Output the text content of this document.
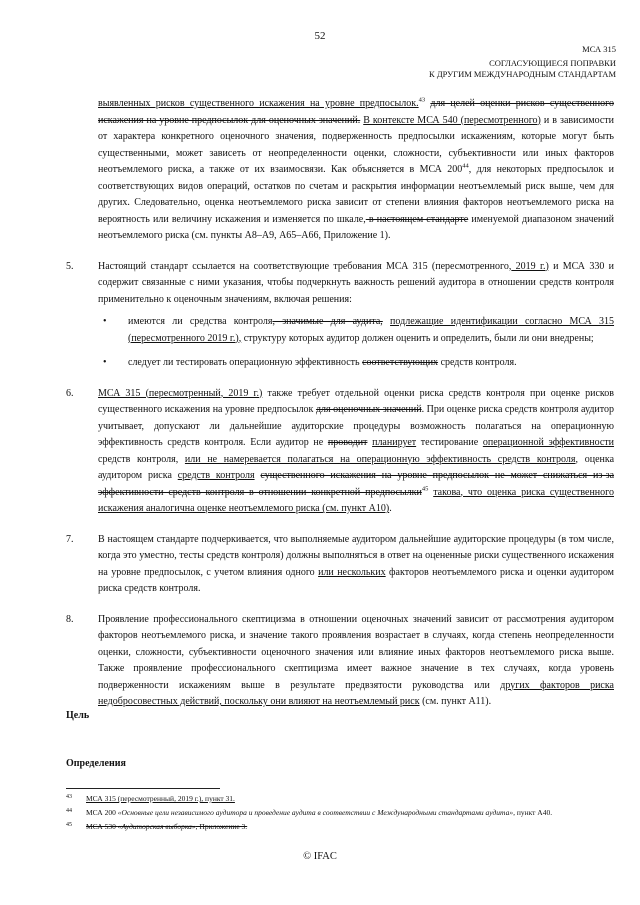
52
МСА 315
СОГЛАСУЮЩИЕСЯ ПОПРАВКИ
К ДРУГИМ МЕЖДУНАРОДНЫМ СТАНДАРТАМ

выявленных рисков существенного искажения на уровне предпосылок.$^{43}$ для целей оценки рисков существенного искажения на уровне предпосылок для оценочных значений. В контексте МСА 540 (пересмотренного) и в зависимости от характера конкретного оценочного значения, подверженность предпосылки искажениям, которые могут быть существенными, может зависеть от неопределенности оценки, сложности, субъективности или иных факторов неотъемлемого риска, а также от их взаимосвязи. Как объясняется в МСА $200^{44}$, для некоторых предпосылок и соответствующих видов операций, остатков по счетам и раскрытия информации неотъемлемый риск выше, чем для других. Следовательно, оценка неотъемлемого риска зависит от степени влияния факторов неотъемлемого риска на вероятность или величину искажения и изменяется по шкале, в настоящем стандарте именуемой диапазоном значений неотъемлемого риска (см. пункты А8–А9, А65–А66, Приложение 1).

5. Настоящий стандарт ссылается на соответствующие требования МСА 315 (пересмотренного, 2019 г.) и МСА 330 и содержит связанные с ними указания, чтобы подчеркнуть важность решений аудитора в отношении средств контроля применительно к оценочным значениям, включая решения:
• имеются ли средства контроля, значимые для аудита, подлежащие идентификации согласно МСА 315 (пересмотренного 2019 г.), структуру которых аудитор должен оценить и определить, были ли они внедрены;
• следует ли тестировать операционную эффективность соответствующих средств контроля.
6. МСА 315 (пересмотренный, 2019 г.) также требует отдельной оценки риска средств контроля при оценке рисков существенного искажения на уровне предпосылок для оценочных значений. При оценке риска средств контроля аудитор учитывает, допускают ли дальнейшие аудиторские процедуры возможность полагаться на операционную эффективность средств контроля. Если аудитор не проводит планирует тестирование операционной эффективности средств контроля, или не намеревается полагаться на операционную эффективность средств контроля, оценка аудитором риска средств контроля существенного искажения на уровне предпосылок не может снижаться из-за эффективности средств контроля в отношении конкретной предпосылки$^{45}$ такова, что оценка риска существенного искажения аналогична оценке неотъемлемого риска (см. пункт А10).
7. В настоящем стандарте подчеркивается, что выполняемые аудитором дальнейшие аудиторские процедуры (в том числе, когда это уместно, тесты средств контроля) должны выполняться в ответ на оцененные риски существенного искажения на уровне предпосылок, с учетом влияния одного или нескольких факторов неотъемлемого риска и оценки аудитором риска средств контроля.
8. Проявление профессионального скептицизма в отношении оценочных значений зависит от рассмотрения аудитором факторов неотъемлемого риска, и значение такого проявления возрастает в случаях, когда степень неопределенности оценки, сложности, субъективности оценочного значения или влияние иных факторов неотъемлемого риска выше. Также проявление профессионального скептицизма имеет важное значение в тех случаях, когда уровень подверженности искажениям выше в результате предвзятости руководства или других факторов риска недобросовестных действий, поскольку они влияют на неотъемлемый риск (см. пункт А11).
Цель
Определения
43 МСА 315 (пересмотренный, 2019 г.), пункт 31.
44 МСА 200 «Основные цели независимого аудитора и проведение аудита в соответствии с Международными стандартами аудита», пункт А40.
45 МСА 530 «Аудиторская выборка», Приложение 3.
© IFAC
